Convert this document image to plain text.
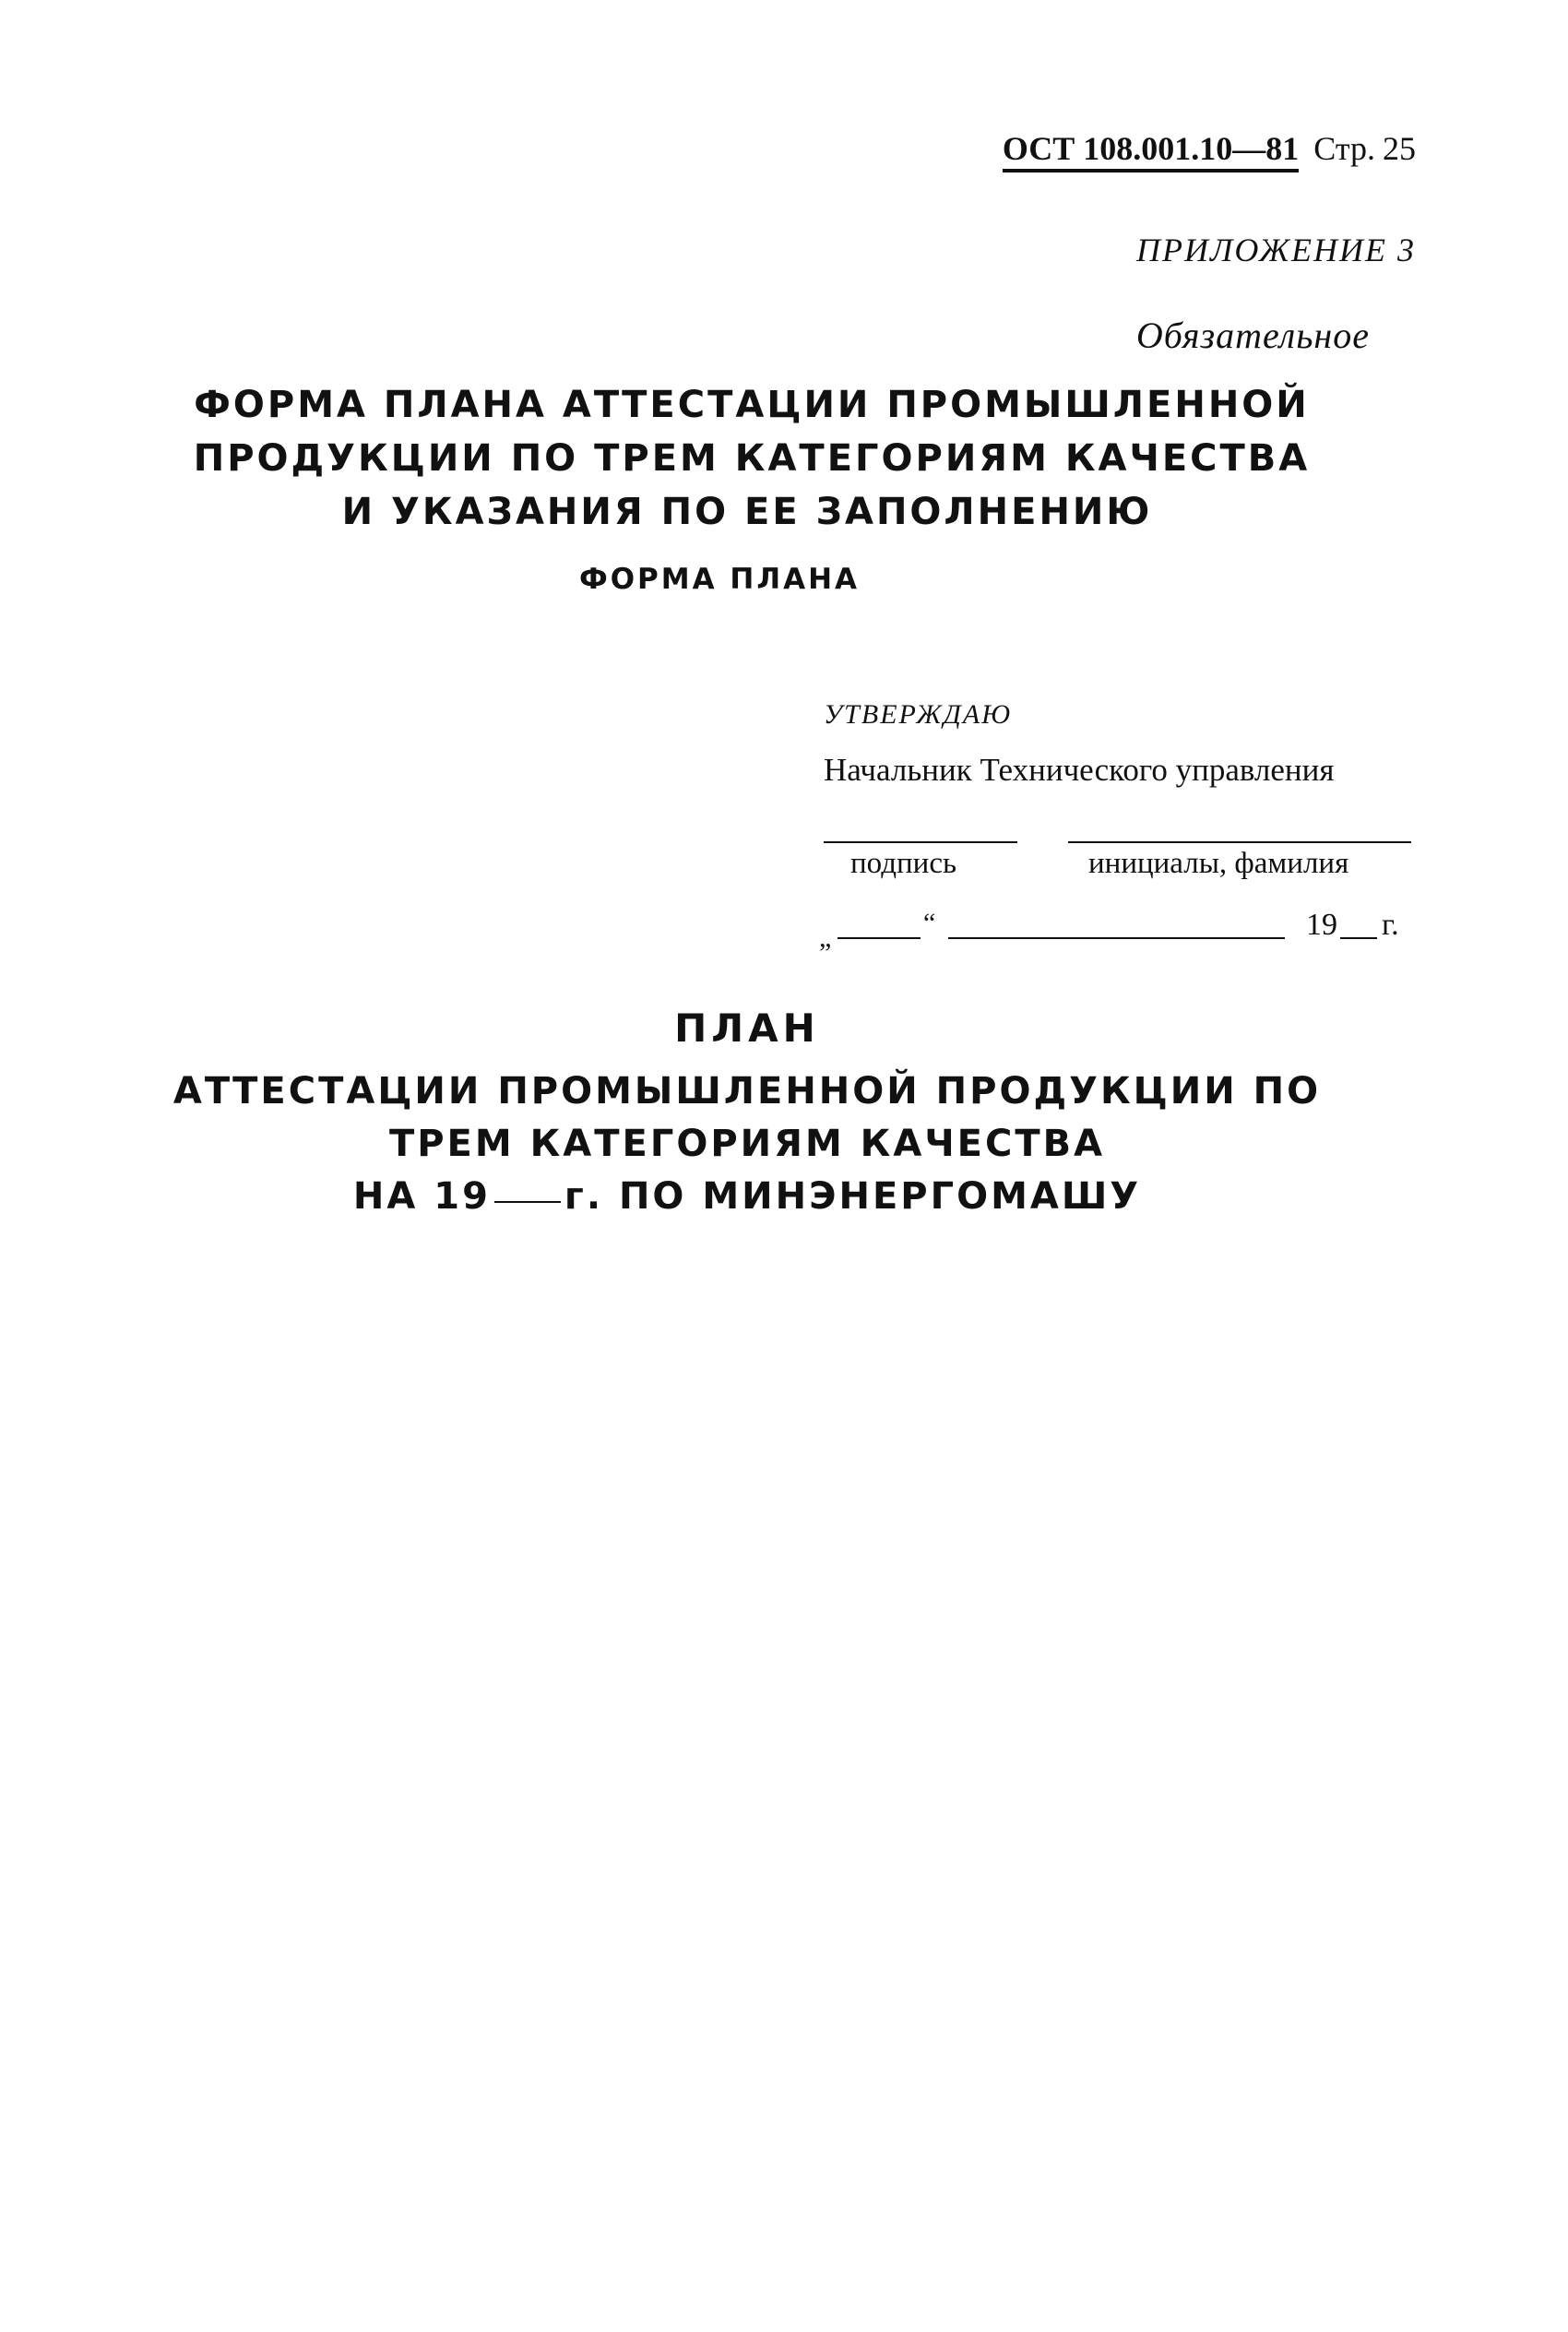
ОСТ 108.001.10—81 Стр. 25
ПРИЛОЖЕНИЕ 3
Обязательное
ФОРМА ПЛАНА АТТЕСТАЦИИ ПРОМЫШЛЕННОЙ
ПРОДУКЦИИ ПО ТРЕМ КАТЕГОРИЯМ КАЧЕСТВА
И УКАЗАНИЯ ПО ЕЕ ЗАПОЛНЕНИЮ
ФОРМА ПЛАНА
УТВЕРЖДАЮ
Начальник Технического управления
подпись	инициалы, фамилия
„	“	19 г.
ПЛАН
АТТЕСТАЦИИ ПРОМЫШЛЕННОЙ ПРОДУКЦИИ ПО
ТРЕМ КАТЕГОРИЯМ КАЧЕСТВА
НА 19 г. ПО МИНЭНЕРГОМАШУ
